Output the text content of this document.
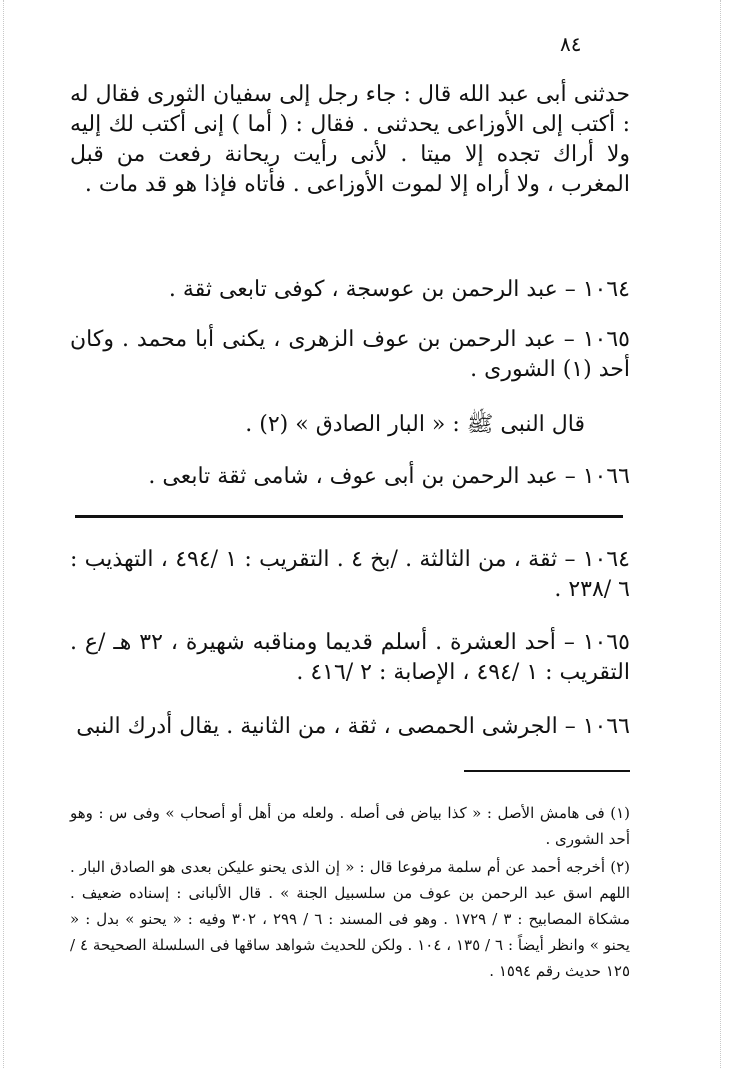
٨٤
حدثنى أبى عبد الله قال : جاء رجل إلى سفيان الثورى فقال له : أكتب إلى الأوزاعى يحدثنى . فقال : ( أما ) إنى أكتب لك إليه ولا أراك تجده إلا ميتا . لأنى رأيت ريحانة رفعت من قبل المغرب ، ولا أراه إلا لموت الأوزاعى . فأتاه فإذا هو قد مات .
١٠٦٤ – عبد الرحمن بن عوسجة ، كوفى تابعى ثقة .
١٠٦٥ – عبد الرحمن بن عوف الزهرى ، يكنى أبا محمد . وكان أحد (١) الشورى .
قال النبى ﷺ : « البار الصادق » (٢) .
١٠٦٦ – عبد الرحمن بن أبى عوف ، شامى ثقة تابعى .
١٠٦٤ – ثقة ، من الثالثة . /بخ ٤ . التقريب : ١ /٤٩٤ ، التهذيب : ٦ /٢٣٨ .
١٠٦٥ – أحد العشرة . أسلم قديما ومناقبه شهيرة ، ٣٢ هـ /ع . التقريب : ١ /٤٩٤ ، الإصابة : ٢ /٤١٦ .
١٠٦٦ – الجرشى الحمصى ، ثقة ، من الثانية . يقال أدرك النبى
(١) فى هامش الأصل : « كذا بياض فى أصله . ولعله من أهل أو أصحاب » وفى س : وهو أحد الشورى .
(٢) أخرجه أحمد عن أم سلمة مرفوعا قال : « إن الذى يحنو عليكن بعدى هو الصادق البار . اللهم اسق عبد الرحمن بن عوف من سلسبيل الجنة » . قال الألبانى : إسناده ضعيف . مشكاة المصابيح : ٣ / ١٧٢٩ . وهو فى المسند : ٦ / ٢٩٩ ، ٣٠٢ وفيه : « يحنو » بدل : « يحنو » وانظر أيضاً : ٦ / ١٣٥ ، ١٠٤ . ولكن للحديث شواهد ساقها فى السلسلة الصحيحة ٤ / ١٢٥ حديث رقم ١٥٩٤ .
